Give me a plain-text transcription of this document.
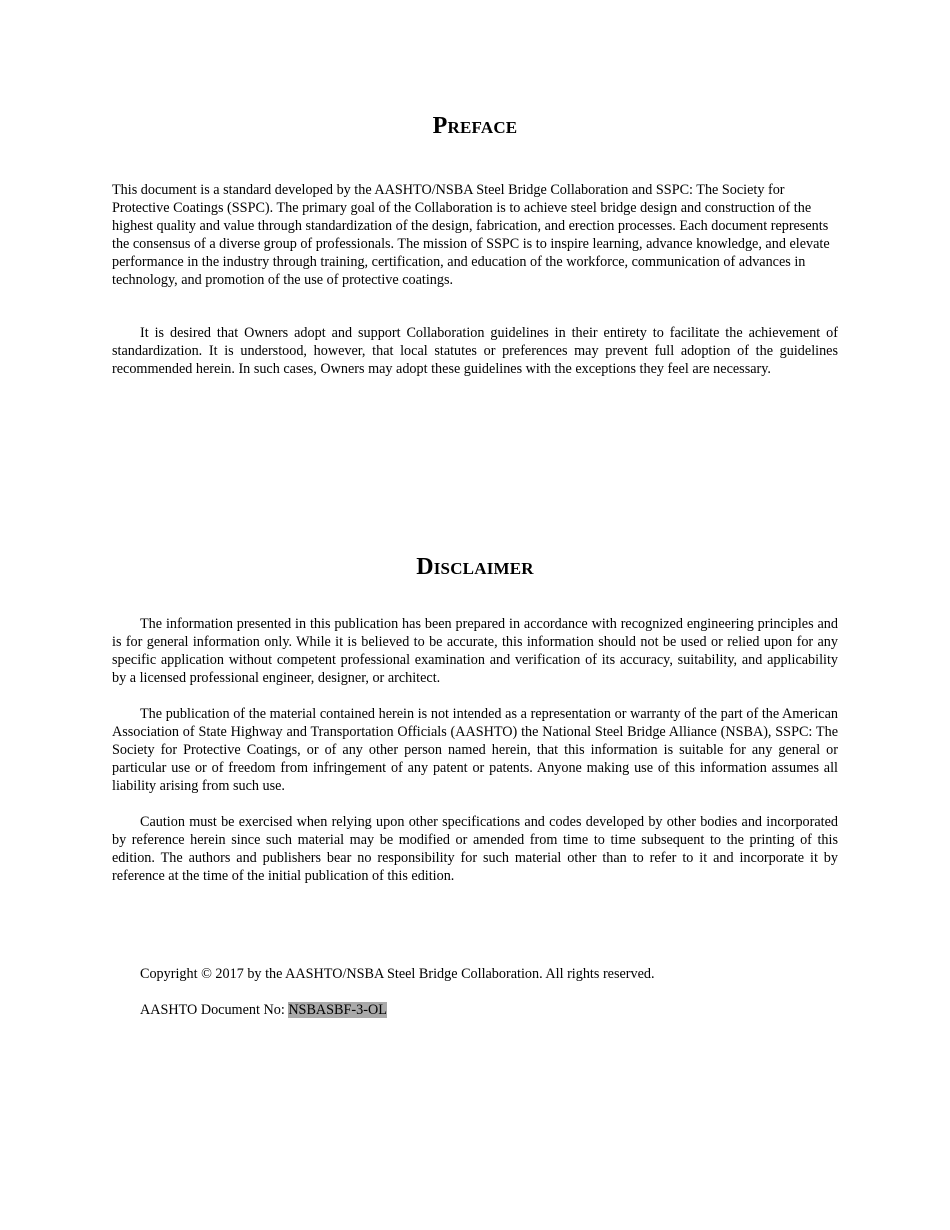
Preface

This document is a standard developed by the AASHTO/NSBA Steel Bridge Collaboration and SSPC: The Society for Protective Coatings (SSPC). The primary goal of the Collaboration is to achieve steel bridge design and construction of the highest quality and value through standardization of the design, fabrication, and erection processes. Each document represents the consensus of a diverse group of professionals. The mission of SSPC is to inspire learning, advance knowledge, and elevate performance in the industry through training, certification, and education of the workforce, communication of advances in technology, and promotion of the use of protective coatings.

It is desired that Owners adopt and support Collaboration guidelines in their entirety to facilitate the achievement of standardization. It is understood, however, that local statutes or preferences may prevent full adoption of the guidelines recommended herein. In such cases, Owners may adopt these guidelines with the exceptions they feel are necessary.

Disclaimer

The information presented in this publication has been prepared in accordance with recognized engineering principles and is for general information only. While it is believed to be accurate, this information should not be used or relied upon for any specific application without competent professional examination and verification of its accuracy, suitability, and applicability by a licensed professional engineer, designer, or architect.

The publication of the material contained herein is not intended as a representation or warranty of the part of the American Association of State Highway and Transportation Officials (AASHTO) the National Steel Bridge Alliance (NSBA), SSPC: The Society for Protective Coatings, or of any other person named herein, that this information is suitable for any general or particular use or of freedom from infringement of any patent or patents. Anyone making use of this information assumes all liability arising from such use.

Caution must be exercised when relying upon other specifications and codes developed by other bodies and incorporated by reference herein since such material may be modified or amended from time to time subsequent to the printing of this edition. The authors and publishers bear no responsibility for such material other than to refer to it and incorporate it by reference at the time of the initial publication of this edition.

Copyright © 2017 by the AASHTO/NSBA Steel Bridge Collaboration. All rights reserved.

AASHTO Document No: NSBASBF-3-OL
